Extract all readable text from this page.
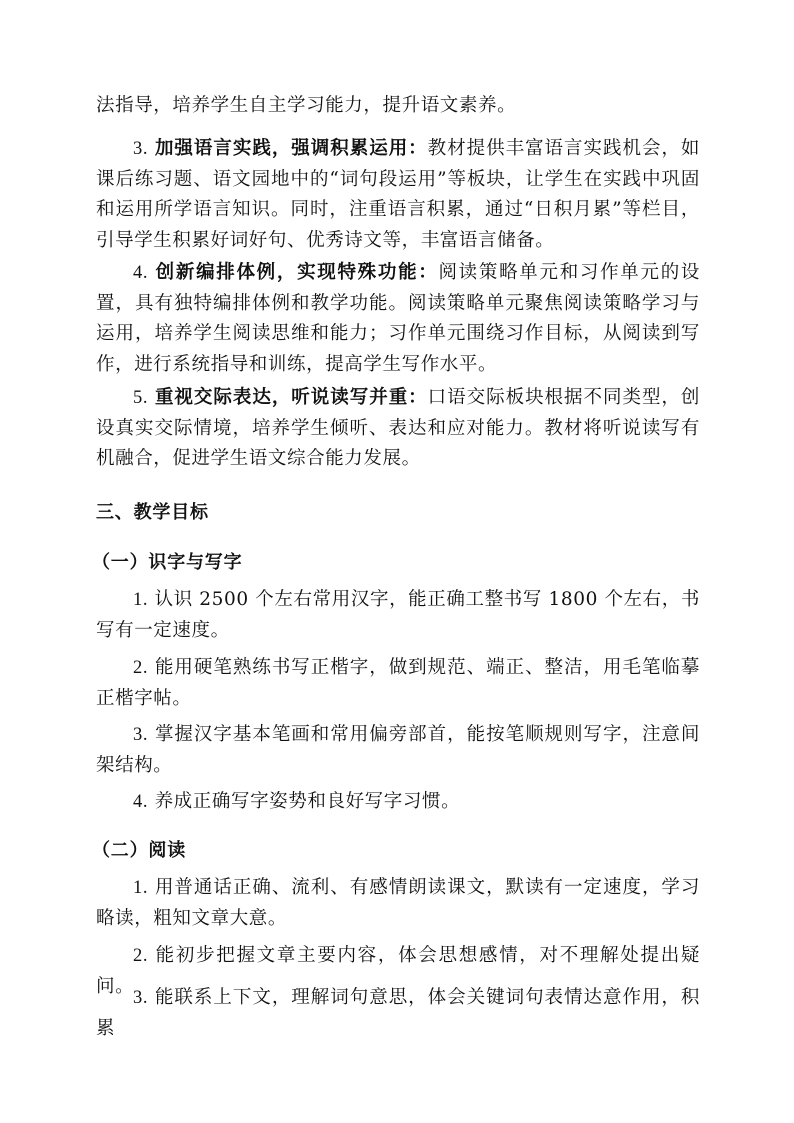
法指导，培养学生自主学习能力，提升语文素养。

3. 加强语言实践，强调积累运用：教材提供丰富语言实践机会，如课后练习题、语文园地中的“词句段运用”等板块，让学生在实践中巩固和运用所学语言知识。同时，注重语言积累，通过“日积月累”等栏目，引导学生积累好词好句、优秀诗文等，丰富语言储备。

4. 创新编排体例，实现特殊功能：阅读策略单元和习作单元的设置，具有独特编排体例和教学功能。阅读策略单元聚焦阅读策略学习与运用，培养学生阅读思维和能力；习作单元围绕习作目标，从阅读到写作，进行系统指导和训练，提高学生写作水平。

5. 重视交际表达，听说读写并重：口语交际板块根据不同类型，创设真实交际情境，培养学生倾听、表达和应对能力。教材将听说读写有机融合，促进学生语文综合能力发展。

三、教学目标
（一）识字与写字

1. 认识 2500 个左右常用汉字，能正确工整书写 1800 个左右，书写有一定速度。

2. 能用硬笔熟练书写正楷字，做到规范、端正、整洁，用毛笔临摹正楷字帖。

3. 掌握汉字基本笔画和常用偏旁部首，能按笔顺规则写字，注意间架结构。

4. 养成正确写字姿势和良好写字习惯。

（二）阅读

1. 用普通话正确、流利、有感情朗读课文，默读有一定速度，学习略读，粗知文章大意。

2. 能初步把握文章主要内容，体会思想感情，对不理解处提出疑问。

3. 能联系上下文，理解词句意思，体会关键词句表情达意作用，积累
